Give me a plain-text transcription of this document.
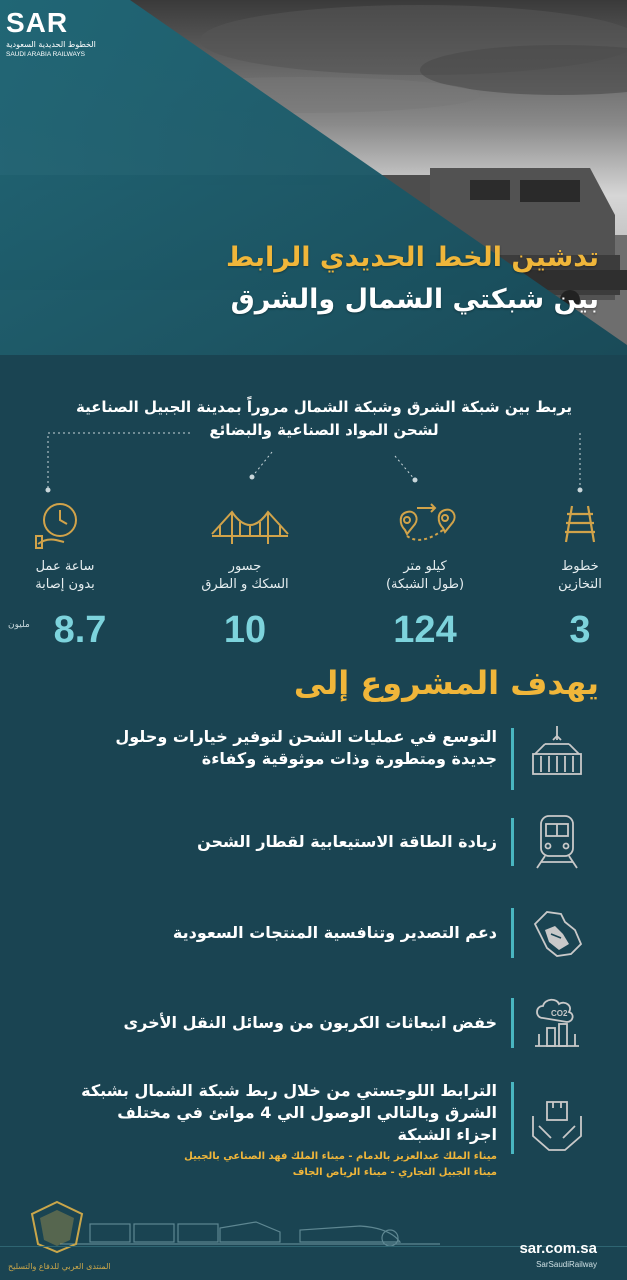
SAR
الخطوط الحديدية السعودية
SAUDI ARABIA RAILWAYS
تدشين الخط الحديدي الرابط
بين شبكتي الشمال والشرق
يربط بين شبكة الشرق وشبكة الشمال مروراً بمدينة الجبيل الصناعية
لشحن المواد الصناعية والبضائع
خطوط
التخازين
3
كيلو متر
(طول الشبكة)
124
جسور
السكك و الطرق
10
ساعة عمل
بدون إصابة
8.7
مليون
يهدف المشروع إلى
التوسع في عمليات الشحن لتوفير خيارات وحلول جديدة ومتطورة وذات موثوقية وكفاءة
زيادة الطاقة الاستيعابية لقطار الشحن
دعم التصدير وتنافسية المنتجات السعودية
خفض انبعاثات الكربون من وسائل النقل الأخرى	CO2
الترابط اللوجستي من خلال ربط شبكة الشمال بشبكة الشرق وبالتالي الوصول الي 4 موانئ في مختلف اجزاء الشبكة
ميناء الملك عبدالعزيز بالدمام - ميناء الملك فهد الصناعي بالجبيل
ميناء الجبيل التجاري - ميناء الرياض الجاف
المنتدى العربي للدفاع والتسليح
sar.com.sa
SarSaudiRailway
